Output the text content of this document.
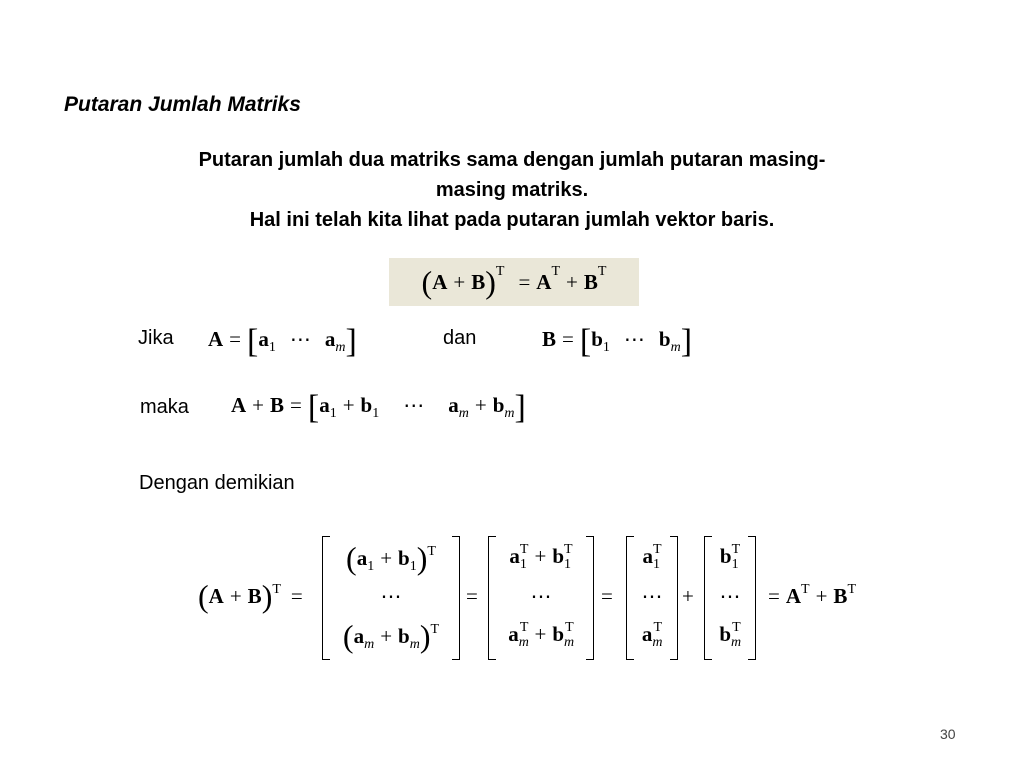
Putaran Jumlah Matriks
Putaran jumlah dua matriks sama dengan jumlah putaran masing-
masing matriks.
Hal ini telah kita lihat pada putaran jumlah vektor baris.
( A + B ) T = A T + B T
Jika $A = [a_1$ ⋯ $a_m$]	dan	$B = [b_1$ ⋯ $b_m$]
maka $A + B = [a_1 + b_1$ ⋯ $a_m + b_m$]
Dengan demikian
$(A + B)^T$ =
$(a_1 + b_1)^T$
⋯
$(a_m + b_m)^T$
=
$a_1^T + b_1^T$
⋯
$a_m^T + b_m^T$
=
$a_1^T$
⋯
$a_m^T$
+
$b_1^T$
⋯
$b_m^T$
= $A^T + B^T$
30
